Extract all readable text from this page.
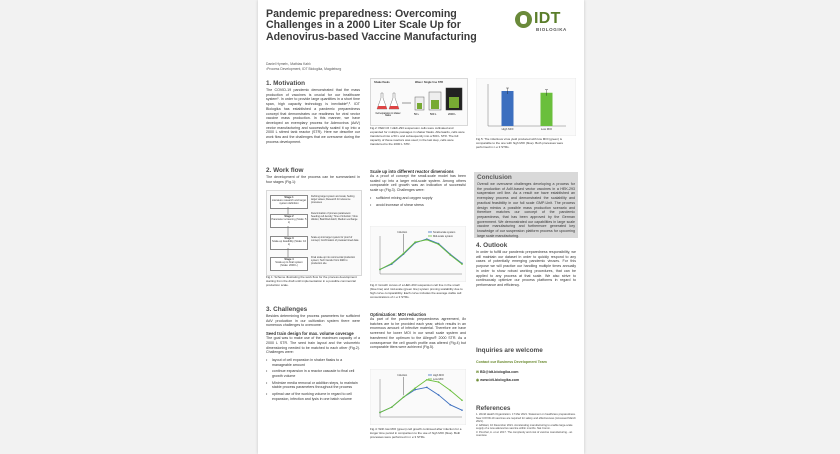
Pandemic preparedness: Overcoming Challenges in a 2000 Liter Scale Up for Adenovirus-based Vaccine Manufacturing
IDT
BIOLOGIKA
Daniel Hymeh¹, Mathias Kahl¹
¹Process Development, IDT Biologika, Magdeburg
1. Motivation
The COVID-19 pandemic demonstrated that the mass production of vaccines is crucial for our healthcare system¹. In order to provide large quantities in a short time span, high capacity technology is inevitable²,³. IDT Biologika has established a pandemic preparedness concept that demonstrates our readiness for viral vector vaccine mass production. In this manner, we have developed an exemplary process for Adenovirus (AdV) vector manufacturing and successfully scaled it up into a 2000 L stirred tank reactor (STR). Here we describe our work flow and the challenges that we overcame during the process development.
2. Work flow
The development of the process can be summarized in four stages (Fig.1):
Stage 1
Literature research and target system definition
Defining target system and scale; Setting target values; Research for reference processes
Stage 2
Parameter screening (Scale: 5 L)
Determination of process parameters: Seeding cell density; Time of infection; Virus dilution; Batch/fed-batch; Medium exchange
Stage 3
Scale-up feasibility (Scale: 10 L)
Scale-up into larger system for proof of concept; Confirmation of predetermined data
Stage 4
Scale-up to final system (Scale: 2000 L)
Final scale-up into commercial production system; Tech transfer from R&D to production site
Fig.1: Scheme illustrating the work flow for the process development starting from the draft until implementation in a possible commercial production scale.
3. Challenges
Besides determining the process parameters for sufficient AdV production in our cultivation system there were numerous challenges to overcome.
Seed train design for max. volume coverage
The goal was to make use of the maximum capacity of a 2000 L STR. The seed train layout and the volumetric dimensioning needed to be matched to each other (Fig.2). Challenges were:
• layout of cell expansion in shaker flasks to a manageable amount
• continue expansion in a reactor cascade to final cell growth volume
• Minimize media removal or addition steps, to maintain stable process parameters throughout the process
• optimal use of the working volume in regard to cell expansion, infection and lysis in one batch volume
Shake flasks	Wave / Single Use STR
Cell expansion in shaker flasks	50 L	500 L	2000 L
Fig.2: PER.C6 / HEK-293 suspension cells were cultivated and expanded for multiple passages in shaker flasks. Afterwards, cells were transferred into a 50 L and subsequently into a 500 L STR. The full capacity of these reactors was used; in the last step, cells were transferred to the 2000 L STR.
Scale up into different reactor dimensions
As a proof of concept the small-scale model has been scaled up into a larger mid-scale system. Among others comparable cell growth was an indication of successful scale up (Fig.3). Challenges were:
• sufficient mixing and oxygen supply
• avoid increase of shear stress
Small-scale system
Mid-scale system
Infection
Fig.3: Growth curves of a HEK-293 suspension cell line in the small (blue line) and mid-scale (green line) system proving scalability due to high curve comparability. Each curve includes the average viable cell concentrations of n ≥ 3 STRs.
Optimization: MOI reduction
As part of the pandemic preparedness agreement, 8x batches are to be provided each year, which results in an enormous amount of infective material. Therefore we have screened for lower MOI in our small scale system and transferred the optimum to the Allegro® 2000 STR. As a consequence the cell growth profile was altered (Fig.4) but comparable titers were achieved (Fig.5).
High MOI
Low MOI
Infection
Fig.4: With low MOI (green) cell growth continued after infection for a longer time period in comparison to the use of high MOI (blue). Both processes were performed in n ≥ 3 STRs.
High MOI	Low MOI
Fig.5: The infectious virus yield produced with low MOI (green) is comparable to the one with high MOI (blue). Both processes were performed in n ≥ 3 STRs.
Conclusion
Overall we overcame challenges developing a process for the production of AdV-based vector vaccines in a HEK-293 suspension cell line. As a result we have established an exemplary process and demonstrated the scalability and practical feasibility in our full scale GMP-Unit. The process design mimics a possible mass production scenario and therefore matches our concept of the pandemic preparedness, that has been approved by the German government. We demonstrated our capabilities in large scale vaccine manufacturing and furthermore generated key knowledge of our suspension platform process for upcoming large scale manufacturing.
4. Outlook
In order to fulfill our pandemic preparedness responsibility, we will maintain our dataset in order to quickly respond to any cases of potentially emerging pandemic viruses. For this purpose we will practice our handling multiple times annually in order to show robust working procedures, that can be applied to any process at that scale. We also strive to continuously optimize our process platforms in regard to performance and efficiency.
Inquiries are welcome
Contact our Business Development Team
✉ BD@idt-biologika.com
◉ www.idt-biologika.com
References
1. World Health Organization. 17 Mar 2021. Statement on healthcare preparedness. New COVID-19 vaccines are required for safety and effectiveness (Accessed March 2021).
2. Adhikari, 10 December 2021. Accelerating manufacturing to enable large-scale supply of a new adenovirus vaccine within months. Nat Comm.
3. Ponchel, A. et al. 2017. The complexity and cost of vaccine manufacturing - an overview.
